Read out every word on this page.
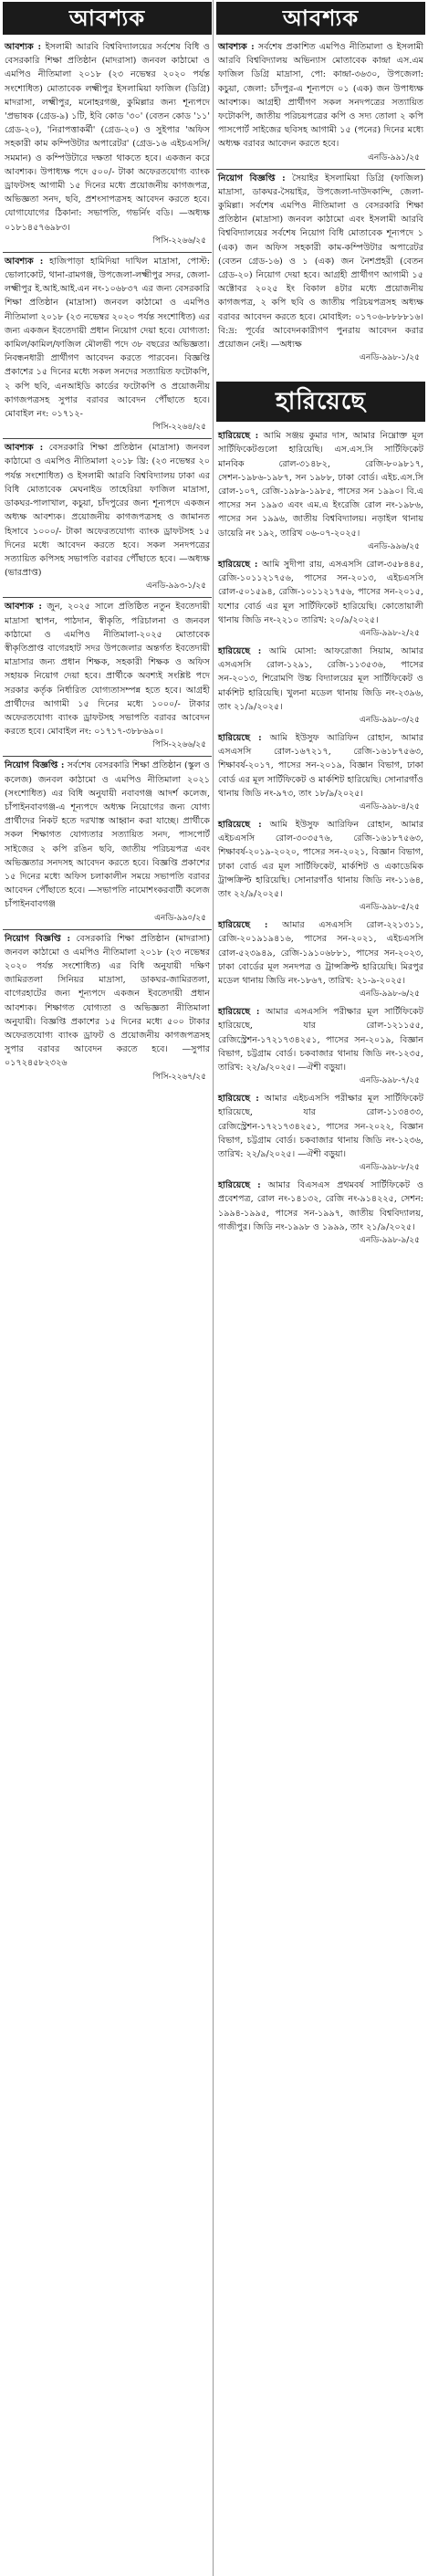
আবশ্যক
আবশ্যক : ইসলামী আরবি বিশ্ববিদ্যালয়ের সর্বশেষ বিধি ও বেসরকারি শিক্ষা প্রতিষ্ঠান (মাদরাসা) জনবল কাঠামো ও এমপিও নীতিমালা ২০১৮ (২৩ নভেম্বর ২০২০ পর্যন্ত সংশোধিত) মোতাবেক লক্ষ্মীপুর ইসলামিয়া ফাজিল (ডিগ্রি) মাদরাসা, লক্ষ্মীপুর, মনোহরগঞ্জ, কুমিল্লার জন্য শূন্যপদে 'প্রভাষক (গ্রেড-৯) ১টি, ইবি কোড '৩০' (বেতন কোড '১১' গ্রেড-২০), 'নিরাপত্তাকর্মী' (গ্রেড-২০) ও সুইপার 'অফিস সহকারী কাম কম্পিউটার অপারেটর' (গ্রেড-১৬ এইচএসসি/সমমান) ও কম্পিউটারে দক্ষতা থাকতে হবে। একজন করে আবশ্যক। উপাধ্যক্ষ পদে ৫০০/- টাকা অফেরতযোগ্য ব্যাংক ড্রাফটসহ আগামী ১৫ দিনের মধ্যে প্রয়োজনীয় কাগজপত্র, অভিজ্ঞতা সনদ, ছবি, প্রশংসাপত্রসহ আবেদন করতে হবে। যোগাযোগের ঠিকানা: সভাপতি, গভর্নিং বডি। —অধ্যক্ষ ০১৮১৪৫৭৬৯৮৩।
পিসি-২২৬৬/২৫
আবশ্যক : হাজিপাড়া হামিদিয়া দাখিল মাদ্রাসা, পোস্ট: ভোলাকোট, থানা-রামগঞ্জ, উপজেলা-লক্ষ্মীপুর সদর, জেলা-লক্ষ্মীপুর ই.আই.আই.এন নং-১০৬৮৩৭ এর জন্য বেসরকারি শিক্ষা প্রতিষ্ঠান (মাদ্রাসা) জনবল কাঠামো ও এমপিও নীতিমালা ২০১৮ (২৩ নভেম্বর ২০২০ পর্যন্ত সংশোধিত) এর জন্য একজন ইবতেদায়ী প্রধান নিয়োগ দেয়া হবে। যোগ্যতা: কামিল/কামিল/ফাজিল মৌলভী পদে ৩৮ বছরের অভিজ্ঞতা। নিবন্ধনধারী প্রার্থীগণ আবেদন করতে পারবেন। বিজ্ঞপ্তি প্রকাশের ১৫ দিনের মধ্যে সকল সনদের সত্যায়িত ফটোকপি, ২ কপি ছবি, এনআইডি কার্ডের ফটোকপি ও প্রয়োজনীয় কাগজপত্রসহ সুপার বরাবর আবেদন পৌঁছাতে হবে। মোবাইল নং: ০১৭১২-
পিসি-২২৬৪/২৫
আবশ্যক : বেসরকারি শিক্ষা প্রতিষ্ঠান (মাদ্রাসা) জনবল কাঠামো ও এমপিও নীতিমালা ২০১৮ খ্রি: (২৩ নভেম্বর ২০ পর্যন্ত সংশোধিত) ও ইসলামী আরবি বিশ্ববিদ্যালয় ঢাকা এর বিধি মোতাবেক মেঘনাইড তাহেরিয়া ফাজিল মাদ্রাসা, ডাকঘর-পালাখাল, কচুয়া, চাঁদপুরের জন্য শূন্যপদে একজন অধ্যক্ষ আবশ্যক। প্রয়োজনীয় কাগজপত্রসহ ও জামানত হিসাবে ১০০০/- টাকা অফেরতযোগ্য ব্যাংক ড্রাফটসহ ১৫ দিনের মধ্যে আবেদন করতে হবে। সকল সনদপত্রের সত্যায়িত কপিসহ সভাপতি বরাবর পৌঁছাতে হবে। —অধ্যক্ষ (ভারপ্রাপ্ত)
এনডি-৯৯৩-১/২৫
আবশ্যক : জুন, ২০২৫ সালে প্রতিষ্ঠিত নতুন ইবতেদায়ী মাদ্রাসা স্থাপন, পাঠদান, স্বীকৃতি, পরিচালনা ও জনবল কাঠামো ও এমপিও নীতিমালা-২০২৫ মোতাবেক স্বীকৃতিপ্রাপ্ত বাগেরহাট সদর উপজেলার অন্তর্গত ইবতেদায়ী মাদ্রাসার জন্য প্রধান শিক্ষক, সহকারী শিক্ষক ও অফিস সহায়ক নিয়োগ দেয়া হবে। প্রার্থীকে অবশ্যই সংশ্লিষ্ট পদে সরকার কর্তৃক নির্ধারিত যোগ্যতাসম্পন্ন হতে হবে। আগ্রহী প্রার্থীদের আগামী ১৫ দিনের মধ্যে ১০০০/- টাকার অফেরতযোগ্য ব্যাংক ড্রাফটসহ সভাপতি বরাবর আবেদন করতে হবে। মোবাইল নং: ০১৭১৭-৩৮৮৬৯০।
পিসি-২২৬৬/২৫
নিয়োগ বিজ্ঞপ্তি : সর্বশেষ বেসরকারি শিক্ষা প্রতিষ্ঠান (স্কুল ও কলেজ) জনবল কাঠামো ও এমপিও নীতিমালা ২০২১ (সংশোধিত) এর বিধি অনুযায়ী নবাবগঞ্জ আদর্শ কলেজ, চাঁপাইনবাবগঞ্জ-এ শূন্যপদে অধ্যক্ষ নিয়োগের জন্য যোগ্য প্রার্থীদের নিকট হতে দরখাস্ত আহ্বান করা যাচ্ছে। প্রার্থীকে সকল শিক্ষাগত যোগ্যতার সত্যায়িত সনদ, পাসপোর্ট সাইজের ২ কপি রঙিন ছবি, জাতীয় পরিচয়পত্র এবং অভিজ্ঞতার সনদসহ আবেদন করতে হবে। বিজ্ঞপ্তি প্রকাশের ১৫ দিনের মধ্যে অফিস চলাকালীন সময়ে সভাপতি বরাবর আবেদন পৌঁছাতে হবে। —সভাপতি নামোশংকরবাটী কলেজ চাঁপাইনবাবগঞ্জ
এনডি-৯৯০/২৫
নিয়োগ বিজ্ঞপ্তি : বেসরকারি শিক্ষা প্রতিষ্ঠান (মাদরাসা) জনবল কাঠামো ও এমপিও নীতিমালা ২০১৮ (২৩ নভেম্বর ২০২০ পর্যন্ত সংশোধিত) এর বিধি অনুযায়ী দক্ষিণ জামিরতলা সিনিয়র মাদ্রাসা, ডাকঘর-জামিরতলা, বাগেরহাটের জন্য শূন্যপদে একজন ইবতেদায়ী প্রধান আবশ্যক। শিক্ষাগত যোগ্যতা ও অভিজ্ঞতা নীতিমালা অনুযায়ী। বিজ্ঞপ্তি প্রকাশের ১৫ দিনের মধ্যে ৫০০ টাকার অফেরতযোগ্য ব্যাংক ড্রাফট ও প্রয়োজনীয় কাগজপত্রসহ সুপার বরাবর আবেদন করতে হবে। —সুপার ০১৭২৪৫৮২৩২৬
পিসি-২২৬৭/২৫
আবশ্যক
আবশ্যক : সর্বশেষ প্রকাশিত এমপিও নীতিমালা ও ইসলামী আরবি বিশ্ববিদ্যালয় অভিন্যাস মোতাবেক কান্দ্রা এস.এম ফাজিল ডিগ্রি মাদ্রাসা, পো: কান্দ্রা-৩৬৩০, উপজেলা: কচুয়া, জেলা: চাঁদপুর-এ শূন্যপদে ০১ (এক) জন উপাধ্যক্ষ আবশ্যক। আগ্রহী প্রার্থীগণ সকল সনদপত্রের সত্যায়িত ফটোকপি, জাতীয় পরিচয়পত্রের কপি ও সদ্য তোলা ২ কপি পাসপোর্ট সাইজের ছবিসহ আগামী ১৫ (পনের) দিনের মধ্যে অধ্যক্ষ বরাবর আবেদন করতে হবে।
এনডি-৯৯১/২৫
নিয়োগ বিজ্ঞপ্তি : সৈয়াইর ইসলামিয়া ডিগ্রি (ফাজিল) মাদ্রাসা, ডাকঘর-সৈয়াইর, উপজেলা-দাউদকান্দি, জেলা-কুমিল্লা। সর্বশেষ এমপিও নীতিমালা ও বেসরকারি শিক্ষা প্রতিষ্ঠান (মাদ্রাসা) জনবল কাঠামো এবং ইসলামী আরবি বিশ্ববিদ্যালয়ের সর্বশেষ নিয়োগ বিধি মোতাবেক শূন্যপদে ১ (এক) জন অফিস সহকারী কাম-কম্পিউটার অপারেটর (বেতন গ্রেড-১৬) ও ১ (এক) জন নৈশপ্রহরী (বেতন গ্রেড-২০) নিয়োগ দেয়া হবে। আগ্রহী প্রার্থীগণ আগামী ১৫ অক্টোবর ২০২৫ ইং বিকাল ৪টার মধ্যে প্রয়োজনীয় কাগজপত্র, ২ কপি ছবি ও জাতীয় পরিচয়পত্রসহ অধ্যক্ষ বরাবর আবেদন করতে হবে। মোবাইল: ০১৭০৬-৮৮৮৮১৬। বি:দ্র: পূর্বের আবেদনকারীগণ পুনরায় আবেদন করার প্রয়োজন নেই। —অধ্যক্ষ
এনডি-৯৯৮-১/২৫
হারিয়েছে
হারিয়েছে : আমি সঞ্জয় কুমার দাস, আমার নিম্নোক্ত মূল সার্টিফিকেটগুলো হারিয়েছি। এস.এস.সি সার্টিফিকেট মানবিক রোল-৩১৪৮২, রেজি-৮০৯৮১৭, সেশন-১৯৮৬-১৯৮৭, সন ১৯৮৮, ঢাকা বোর্ড। এইচ.এস.সি রোল-১০৭, রেজি-১৯৮৯-১৯৮৫, পাসের সন ১৯৯০। বি.এ পাসের সন ১৯৯৩ এবং এম.এ ইংরেজি রোল নং-১৯৮৬, পাসের সন ১৯৯৬, জাতীয় বিশ্ববিদ্যালয়। নড়াইল থানায় ডায়েরি নং ১৯২, তারিখ ০৬-০৭-২০২৫।
এনডি-৯৯৬/২৫
হারিয়েছে : আমি সুদীপা রায়, এসএসসি রোল-৩৫৮৪৪৫, রেজি-১০১১২১৭৫৬, পাসের সন-২০১৩, এইচএসসি রোল-৫০১৫৯৪, রেজি-১০১১২১৭৫৬, পাসের সন-২০১৫, যশোর বোর্ড এর মূল সার্টিফিকেট হারিয়েছি। কোতোয়ালী থানায় জিডি নং-২২১০ তারিখ: ২০/৯/২০২৫।
এনডি-৯৯৮-২/২৫
হারিয়েছে : আমি মোসা: আফরোজা সিয়াম, আমার এসএসসি রোল-১২৯১, রেজি-১১৩৫৩৬, পাসের সন-২০১৩, শিরোমণি উচ্চ বিদ্যালয়ের মূল সার্টিফিকেট ও মার্কশিট হারিয়েছি। খুলনা মডেল থানায় জিডি নং-২৩৯৬, তাং ২১/৯/২০২৫।
এনডি-৯৯৮-৩/২৫
হারিয়েছে : আমি ইউসুফ আরিফিন রোহান, আমার এসএসসি রোল-১৬৭২১৭, রেজি-১৬১৮৭৫৬৩, শিক্ষাবর্ষ-২০১৭, পাসের সন-২০১৯, বিজ্ঞান বিভাগ, ঢাকা বোর্ড এর মূল সার্টিফিকেট ও মার্কশিট হারিয়েছি। সোনারগাঁও থানায় জিডি নং-৯৭৩, তাং ১৮/৯/২০২৫।
এনডি-৯৯৮-৪/২৫
হারিয়েছে : আমি ইউসুফ আরিফিন রোহান, আমার এইচএসসি রোল-৩০৩৫৭৬, রেজি-১৬১৮৭৫৬৩, শিক্ষাবর্ষ-২০১৯-২০২০, পাসের সন-২০২১, বিজ্ঞান বিভাগ, ঢাকা বোর্ড এর মূল সার্টিফিকেট, মার্কশিট ও একাডেমিক ট্রান্সক্রিপ্ট হারিয়েছি। সোনারগাঁও থানায় জিডি নং-১১৬৪, তাং ২২/৯/২০২৫।
এনডি-৯৯৮-৫/২৫
হারিয়েছে : আমার এসএসসি রোল-২২১৩১১, রেজি-২০১৯১৯৪১৬, পাসের সন-২০২১, এইচএসসি রোল-৫২৩৯৪৯, রেজি-১৯১০৬৮৮১, পাসের সন-২০২৩, ঢাকা বোর্ডের মূল সনদপত্র ও ট্রান্সক্রিপ্ট হারিয়েছি। মিরপুর মডেল থানায় জিডি নং-১৮৬৭, তারিখ: ২১-৯-২০২৫।
এনডি-৯৯৮-৬/২৫
হারিয়েছে : আমার এসএসসি পরীক্ষার মূল সার্টিফিকেট হারিয়েছে, যার রোল-১২১১৫৫, রেজিস্ট্রেশন-১৭২১৭৩৪২৫১, পাসের সন-২০১৯, বিজ্ঞান বিভাগ, চট্টগ্রাম বোর্ড। চকবাজার থানায় জিডি নং-১২৩৫, তারিখ: ২২/৯/২০২৫। —ঐশী বড়ুয়া।
এনডি-৯৯৮-৭/২৫
হারিয়েছে : আমার এইচএসসি পরীক্ষার মূল সার্টিফিকেট হারিয়েছে, যার রোল-১১৩৪৩৩, রেজিস্ট্রেশন-১৭২১৭৩৪২৫১, পাসের সন-২০২২, বিজ্ঞান বিভাগ, চট্টগ্রাম বোর্ড। চকবাজার থানায় জিডি নং-১২৩৬, তারিখ: ২২/৯/২০২৫। —ঐশী বড়ুয়া।
এনডি-৯৯৮-৮/২৫
হারিয়েছে : আমার বিএসএস প্রথমবর্ষ সার্টিফিকেট ও প্রবেশপত্র, রোল নং-১৪১৩২, রেজি নং-৯১৪২২৫, সেশন: ১৯৯৪-১৯৯৫, পাসের সন-১৯৯৭, জাতীয় বিশ্ববিদ্যালয়, গাজীপুর। জিডি নং-১৯৯৮ ও ১৯৯৯, তাং ২১/৯/২০২৫।
এনডি-৯৯৮-৯/২৫
